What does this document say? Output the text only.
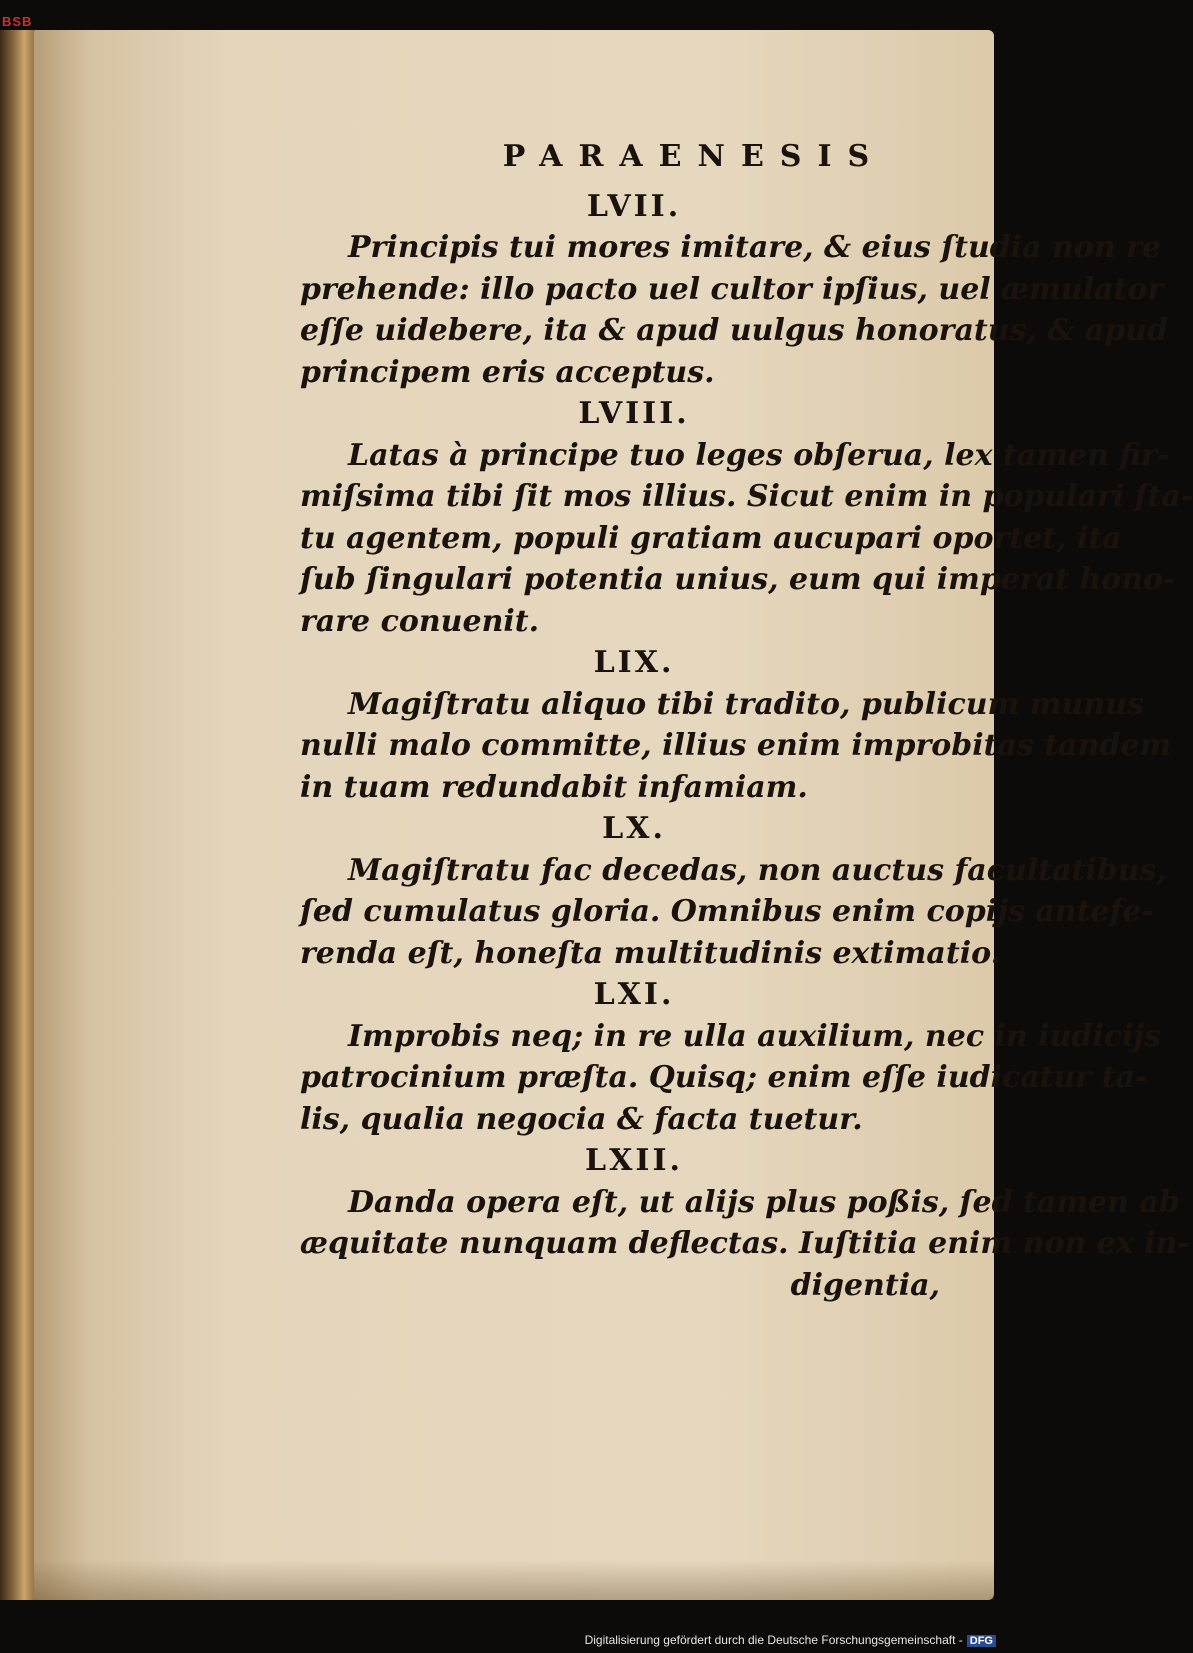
BSB
PARAENESIS

LVII.

Principis tui mores imitare, & eius ſtudia non re
prehende: illo pacto uel cultor ipſius, uel æmulator
eſſe uidebere, ita & apud uulgus honoratus, & apud
principem eris acceptus.

LVIII.

Latas à principe tuo leges obſerua, lex tamen fir-
miſsima tibi ſit mos illius. Sicut enim in populari ſta-
tu agentem, populi gratiam aucupari oportet, ita
ſub ſingulari potentia unius, eum qui imperat hono-
rare conuenit.

LIX.

Magiſtratu aliquo tibi tradito, publicum munus
nulli malo committe, illius enim improbitas tandem
in tuam redundabit infamiam.

LX.

Magiſtratu fac decedas, non auctus facultatibus,
ſed cumulatus gloria. Omnibus enim copijs antefe-
renda eſt, honeſta multitudinis extimatio.

LXI.

Improbis neq; in re ulla auxilium, nec in iudicijs
patrocinium præſta. Quisq; enim eſſe iudicatur ta-
lis, qualia negocia & facta tuetur.

LXII.

Danda opera eſt, ut alijs plus poßis, ſed tamen ab
æquitate nunquam deflectas. Iuſtitia enim non ex in-

digentia,

Digitalisierung gefördert durch die Deutsche Forschungsgemeinschaft - DFG
